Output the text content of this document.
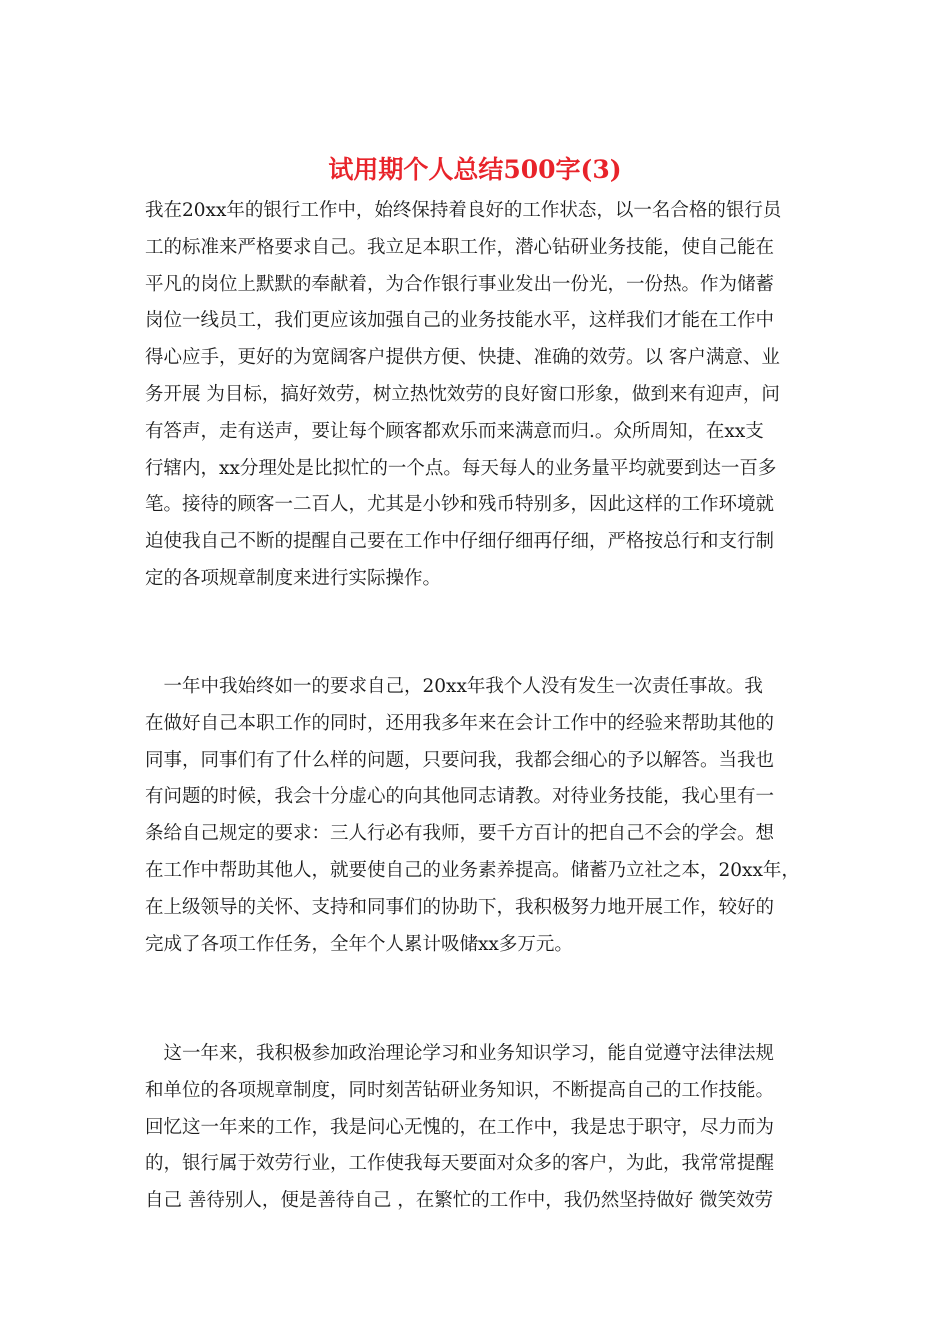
试用期个人总结500字(3)
我在20xx年的银行工作中，始终保持着良好的工作状态，以一名合格的银行员
工的标准来严格要求自己。我立足本职工作，潜心钻研业务技能，使自己能在
平凡的岗位上默默的奉献着，为合作银行事业发出一份光，一份热。作为储蓄
岗位一线员工，我们更应该加强自己的业务技能水平，这样我们才能在工作中
得心应手，更好的为宽阔客户提供方便、快捷、准确的效劳。以 客户满意、业
务开展 为目标，搞好效劳，树立热忱效劳的良好窗口形象，做到来有迎声，问
有答声，走有送声，要让每个顾客都欢乐而来满意而归.。众所周知，在xx支
行辖内，xx分理处是比拟忙的一个点。每天每人的业务量平均就要到达一百多
笔。接待的顾客一二百人，尤其是小钞和残币特别多，因此这样的工作环境就
迫使我自己不断的提醒自己要在工作中仔细仔细再仔细，严格按总行和支行制
定的各项规章制度来进行实际操作。
　一年中我始终如一的要求自己，20xx年我个人没有发生一次责任事故。我
在做好自己本职工作的同时，还用我多年来在会计工作中的经验来帮助其他的
同事，同事们有了什么样的问题，只要问我，我都会细心的予以解答。当我也
有问题的时候，我会十分虚心的向其他同志请教。对待业务技能，我心里有一
条给自己规定的要求：三人行必有我师，要千方百计的把自己不会的学会。想
在工作中帮助其他人，就要使自己的业务素养提高。储蓄乃立社之本，20xx年，
在上级领导的关怀、支持和同事们的协助下，我积极努力地开展工作，较好的
完成了各项工作任务，全年个人累计吸储xx多万元。
　这一年来，我积极参加政治理论学习和业务知识学习，能自觉遵守法律法规
和单位的各项规章制度，同时刻苦钻研业务知识，不断提高自己的工作技能。
回忆这一年来的工作，我是问心无愧的，在工作中，我是忠于职守，尽力而为
的，银行属于效劳行业，工作使我每天要面对众多的客户，为此，我常常提醒
自己 善待别人，便是善待自己 ，在繁忙的工作中，我仍然坚持做好 微笑效劳
